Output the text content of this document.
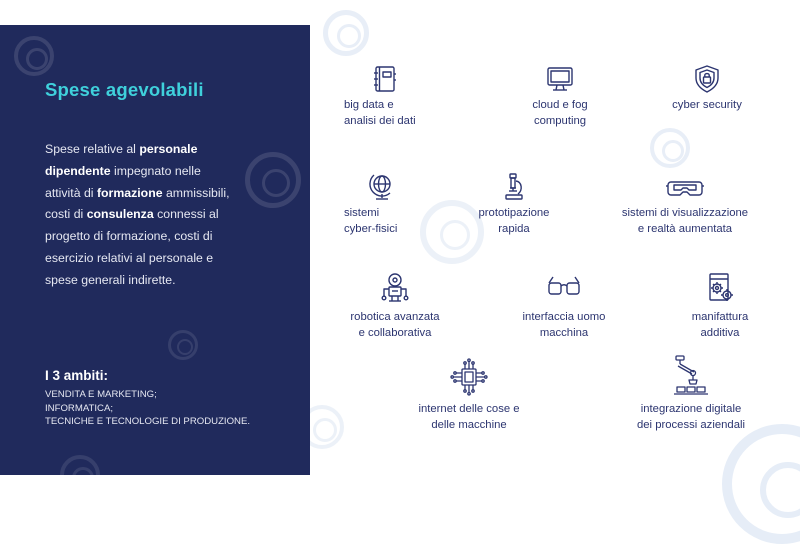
Spese agevolabili
Spese relative al personale dipendente impegnato nelle attività di formazione ammissibili, costi di consulenza connessi al progetto di formazione, costi di esercizio relativi al personale e spese generali indirette.
I 3 ambiti:
VENDITA E MARKETING;
INFORMATICA;
TECNICHE E TECNOLOGIE DI PRODUZIONE.
big data e
analisi dei dati
cloud e fog
computing
cyber security
sistemi
cyber-fisici
prototipazione
rapida
sistemi di visualizzazione
e realtà aumentata
robotica avanzata
e collaborativa
interfaccia uomo
macchina
manifattura
additiva
internet delle cose e
delle macchine
integrazione digitale
dei processi aziendali
